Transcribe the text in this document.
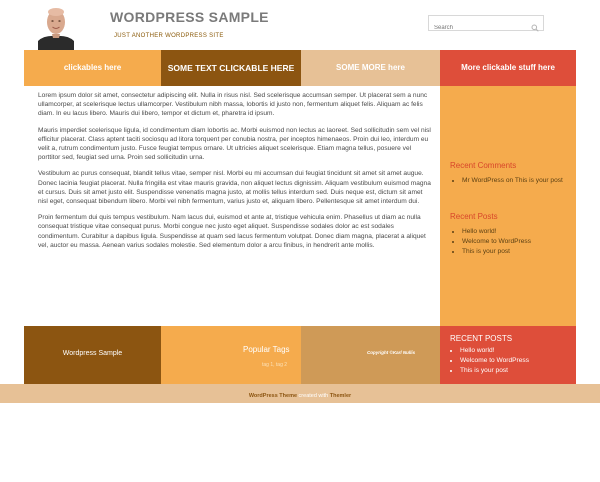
WORDPRESS SAMPLE
JUST ANOTHER WORDPRESS SITE
Search
clickables here	SOME TEXT CLICKABLE HERE	SOME MORE here	More clickable stuff here

Lorem ipsum dolor sit amet, consectetur adipiscing elit. Nulla in risus nisl. Sed scelerisque accumsan semper. Ut placerat sem a nunc ullamcorper, at scelerisque lectus ullamcorper. Vestibulum nibh massa, lobortis id justo non, fermentum aliquet felis. Aliquam ac felis diam. In eu lacus libero. Mauris dui libero, tempor et dictum et, pharetra id ipsum.

Mauris imperdiet scelerisque ligula, id condimentum diam lobortis ac. Morbi euismod non lectus ac laoreet. Sed sollicitudin sem vel nisl efficitur placerat. Class aptent taciti sociosqu ad litora torquent per conubia nostra, per inceptos himenaeos. Proin dui leo, interdum eu velit a, rutrum condimentum justo. Fusce feugiat tempus ornare. Ut ultricies aliquet scelerisque. Etiam magna tellus, posuere vel porttitor sed, feugiat sed urna. Proin sed sollicitudin urna.

Vestibulum ac purus consequat, blandit tellus vitae, semper nisl. Morbi eu mi accumsan dui feugiat tincidunt sit amet sit amet augue. Donec lacinia feugiat placerat. Nulla fringilla est vitae mauris gravida, non aliquet lectus dignissim. Aliquam vestibulum euismod magna et cursus. Duis sit amet justo elit. Suspendisse venenatis magna justo, at mollis tellus interdum sed. Duis neque est, dictum sit amet nisl eget, consequat bibendum libero. Morbi vel nibh fermentum, varius justo et, aliquam libero. Pellentesque sit amet interdum dui.

Proin fermentum dui quis tempus vestibulum. Nam lacus dui, euismod et ante at, tristique vehicula enim. Phasellus ut diam ac nulla consequat tristique vitae consequat purus. Morbi congue nec justo eget aliquet. Suspendisse sodales dolor ac est sodales condimentum. Curabitur a dapibus ligula. Suspendisse at quam sed lacus fermentum volutpat. Donec diam magna, placerat a aliquet vel, auctor eu massa. Aenean varius sodales molestie. Sed elementum dolor a arcu finibus, in hendrerit ante mollis.

Recent Comments
• Mr WordPress on This is your post
Recent Posts
• Hello world!
• Welcome to WordPress
• This is your post
Wordpress Sample	Popular Tags
tag 1, tag 2
Copyright ©Karl Nullis
RECENT POSTS
• Hello world!
• Welcome to WordPress
• This is your post
WordPress Theme created with Themler
